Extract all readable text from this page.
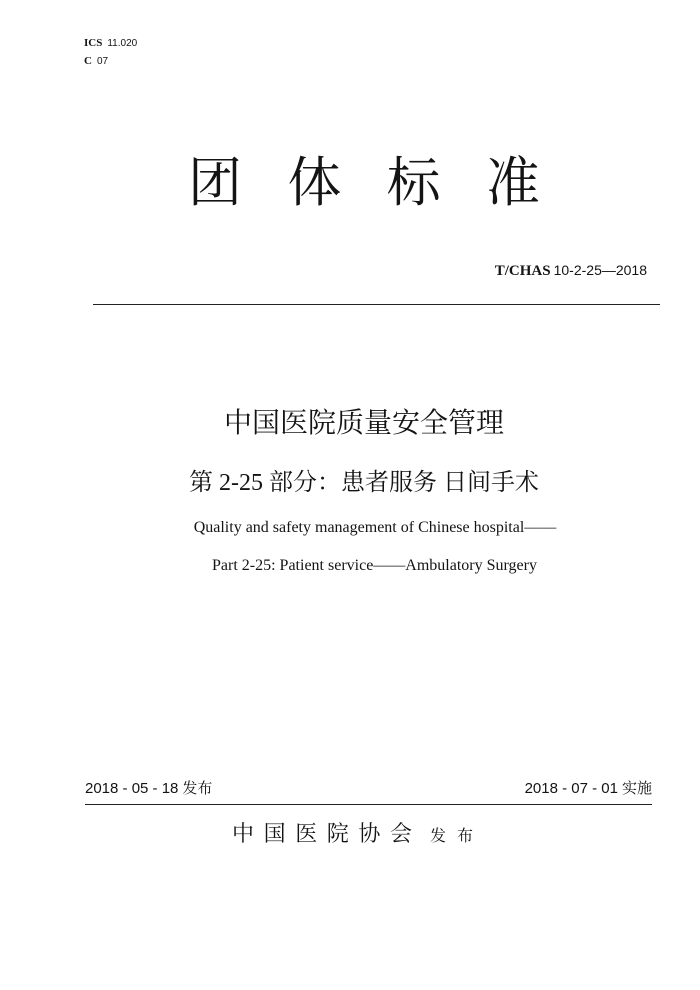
ICS 11.020
C 07
团 体 标 准
T/CHAS 10-2-25—2018
中国医院质量安全管理
第 2-25 部分：患者服务 日间手术
Quality and safety management of Chinese hospital——
Part 2-25: Patient service——Ambulatory Surgery
2018 - 05 - 18 发布	2018 - 07 - 01 实施
中国医院协会 发 布
